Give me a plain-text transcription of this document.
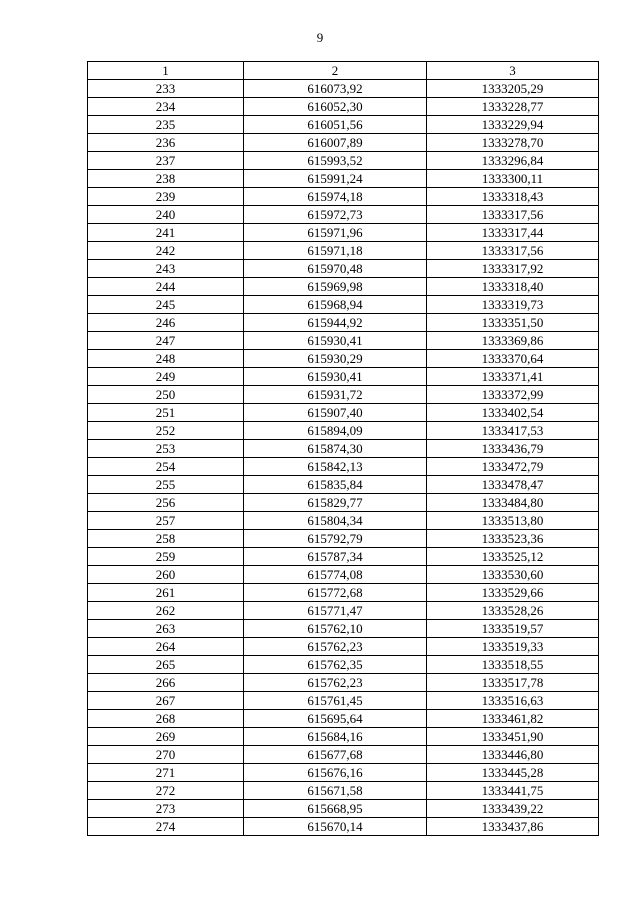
9
1	2	3
233	616073,92	1333205,29
234	616052,30	1333228,77
235	616051,56	1333229,94
236	616007,89	1333278,70
237	615993,52	1333296,84
238	615991,24	1333300,11
239	615974,18	1333318,43
240	615972,73	1333317,56
241	615971,96	1333317,44
242	615971,18	1333317,56
243	615970,48	1333317,92
244	615969,98	1333318,40
245	615968,94	1333319,73
246	615944,92	1333351,50
247	615930,41	1333369,86
248	615930,29	1333370,64
249	615930,41	1333371,41
250	615931,72	1333372,99
251	615907,40	1333402,54
252	615894,09	1333417,53
253	615874,30	1333436,79
254	615842,13	1333472,79
255	615835,84	1333478,47
256	615829,77	1333484,80
257	615804,34	1333513,80
258	615792,79	1333523,36
259	615787,34	1333525,12
260	615774,08	1333530,60
261	615772,68	1333529,66
262	615771,47	1333528,26
263	615762,10	1333519,57
264	615762,23	1333519,33
265	615762,35	1333518,55
266	615762,23	1333517,78
267	615761,45	1333516,63
268	615695,64	1333461,82
269	615684,16	1333451,90
270	615677,68	1333446,80
271	615676,16	1333445,28
272	615671,58	1333441,75
273	615668,95	1333439,22
274	615670,14	1333437,86
